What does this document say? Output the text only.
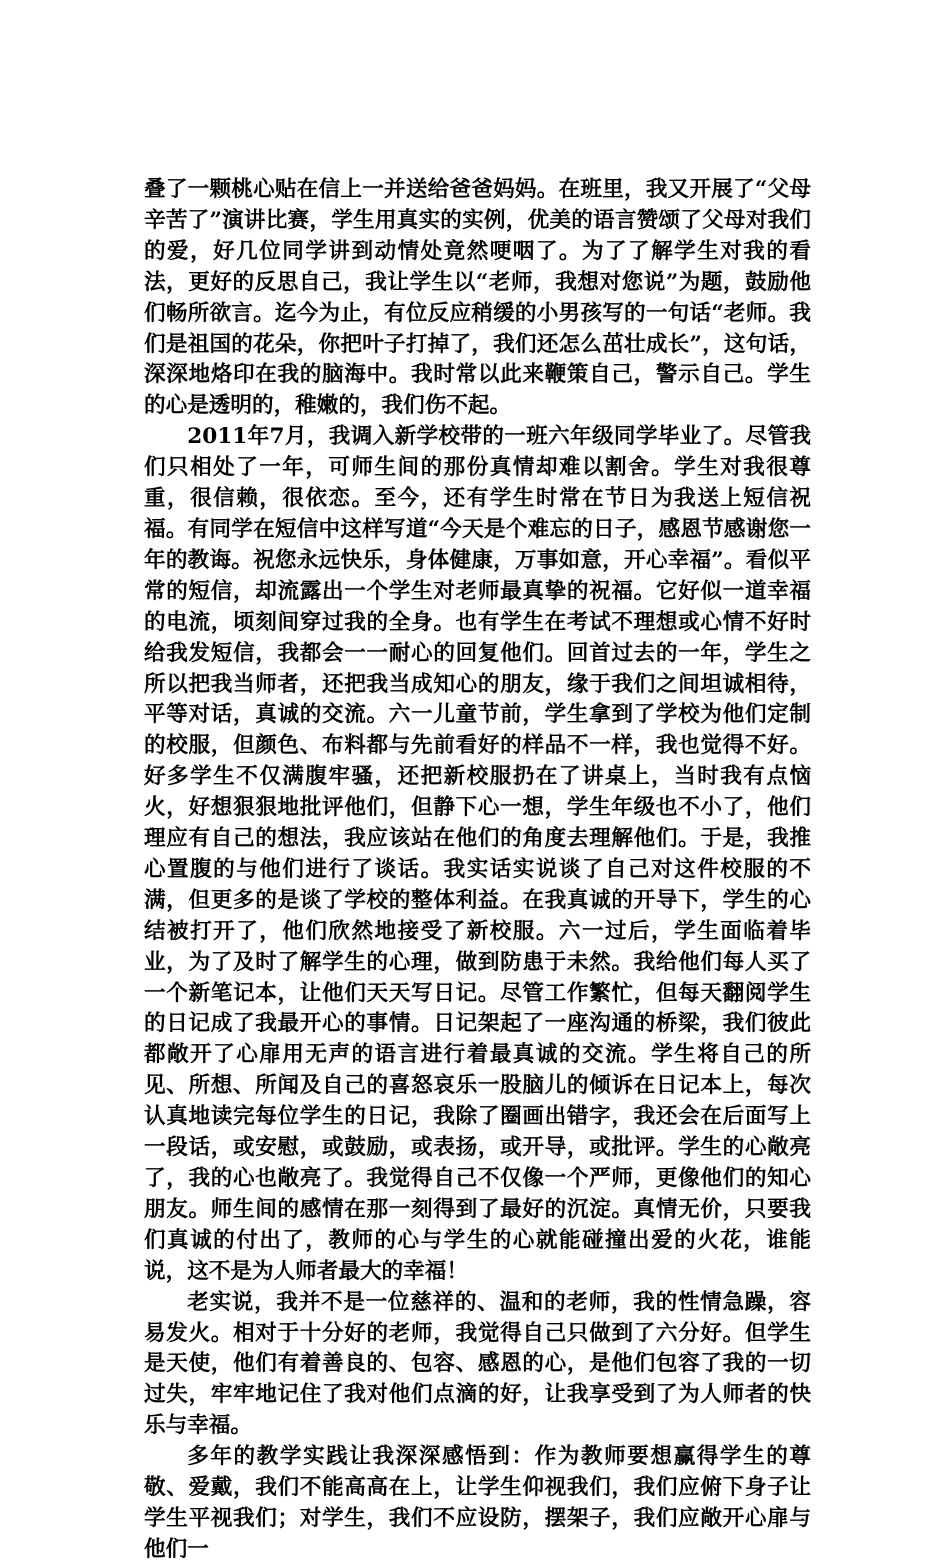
叠了一颗桃心贴在信上一并送给爸爸妈妈。在班里，我又开展了“父母辛苦了”演讲比赛，学生用真实的实例，优美的语言赞颂了父母对我们的爱，好几位同学讲到动情处竟然哽咽了。为了了解学生对我的看法，更好的反思自己，我让学生以“老师，我想对您说”为题，鼓励他们畅所欲言。迄今为止，有位反应稍缓的小男孩写的一句话“老师。我们是祖国的花朵，你把叶子打掉了，我们还怎么茁壮成长”，这句话，深深地烙印在我的脑海中。我时常以此来鞭策自己，警示自己。学生的心是透明的，稚嫩的，我们伤不起。

2011年7月，我调入新学校带的一班六年级同学毕业了。尽管我们只相处了一年，可师生间的那份真情却难以割舍。学生对我很尊重，很信赖，很依恋。至今，还有学生时常在节日为我送上短信祝福。有同学在短信中这样写道“今天是个难忘的日子，感恩节感谢您一年的教诲。祝您永远快乐，身体健康，万事如意，开心幸福”。看似平常的短信，却流露出一个学生对老师最真挚的祝福。它好似一道幸福的电流，顷刻间穿过我的全身。也有学生在考试不理想或心情不好时给我发短信，我都会一一耐心的回复他们。回首过去的一年，学生之所以把我当师者，还把我当成知心的朋友，缘于我们之间坦诚相待，平等对话，真诚的交流。六一儿童节前，学生拿到了学校为他们定制的校服，但颜色、布料都与先前看好的样品不一样，我也觉得不好。好多学生不仅满腹牢骚，还把新校服扔在了讲桌上，当时我有点恼火，好想狠狠地批评他们，但静下心一想，学生年级也不小了，他们理应有自己的想法，我应该站在他们的角度去理解他们。于是，我推心置腹的与他们进行了谈话。我实话实说谈了自己对这件校服的不满，但更多的是谈了学校的整体利益。在我真诚的开导下，学生的心结被打开了，他们欣然地接受了新校服。六一过后，学生面临着毕业，为了及时了解学生的心理，做到防患于未然。我给他们每人买了一个新笔记本，让他们天天写日记。尽管工作繁忙，但每天翻阅学生的日记成了我最开心的事情。日记架起了一座沟通的桥梁，我们彼此都敞开了心扉用无声的语言进行着最真诚的交流。学生将自己的所见、所想、所闻及自己的喜怒哀乐一股脑儿的倾诉在日记本上，每次认真地读完每位学生的日记，我除了圈画出错字，我还会在后面写上一段话，或安慰，或鼓励，或表扬，或开导，或批评。学生的心敞亮了，我的心也敞亮了。我觉得自己不仅像一个严师，更像他们的知心朋友。师生间的感情在那一刻得到了最好的沉淀。真情无价，只要我们真诚的付出了，教师的心与学生的心就能碰撞出爱的火花，谁能说，这不是为人师者最大的幸福！

老实说，我并不是一位慈祥的、温和的老师，我的性情急躁，容易发火。相对于十分好的老师，我觉得自己只做到了六分好。但学生是天使，他们有着善良的、包容、感恩的心，是他们包容了我的一切过失，牢牢地记住了我对他们点滴的好，让我享受到了为人师者的快乐与幸福。

多年的教学实践让我深深感悟到：作为教师要想赢得学生的尊敬、爱戴，我们不能高高在上，让学生仰视我们，我们应俯下身子让学生平视我们；对学生，我们不应设防，摆架子，我们应敞开心扉与他们一
